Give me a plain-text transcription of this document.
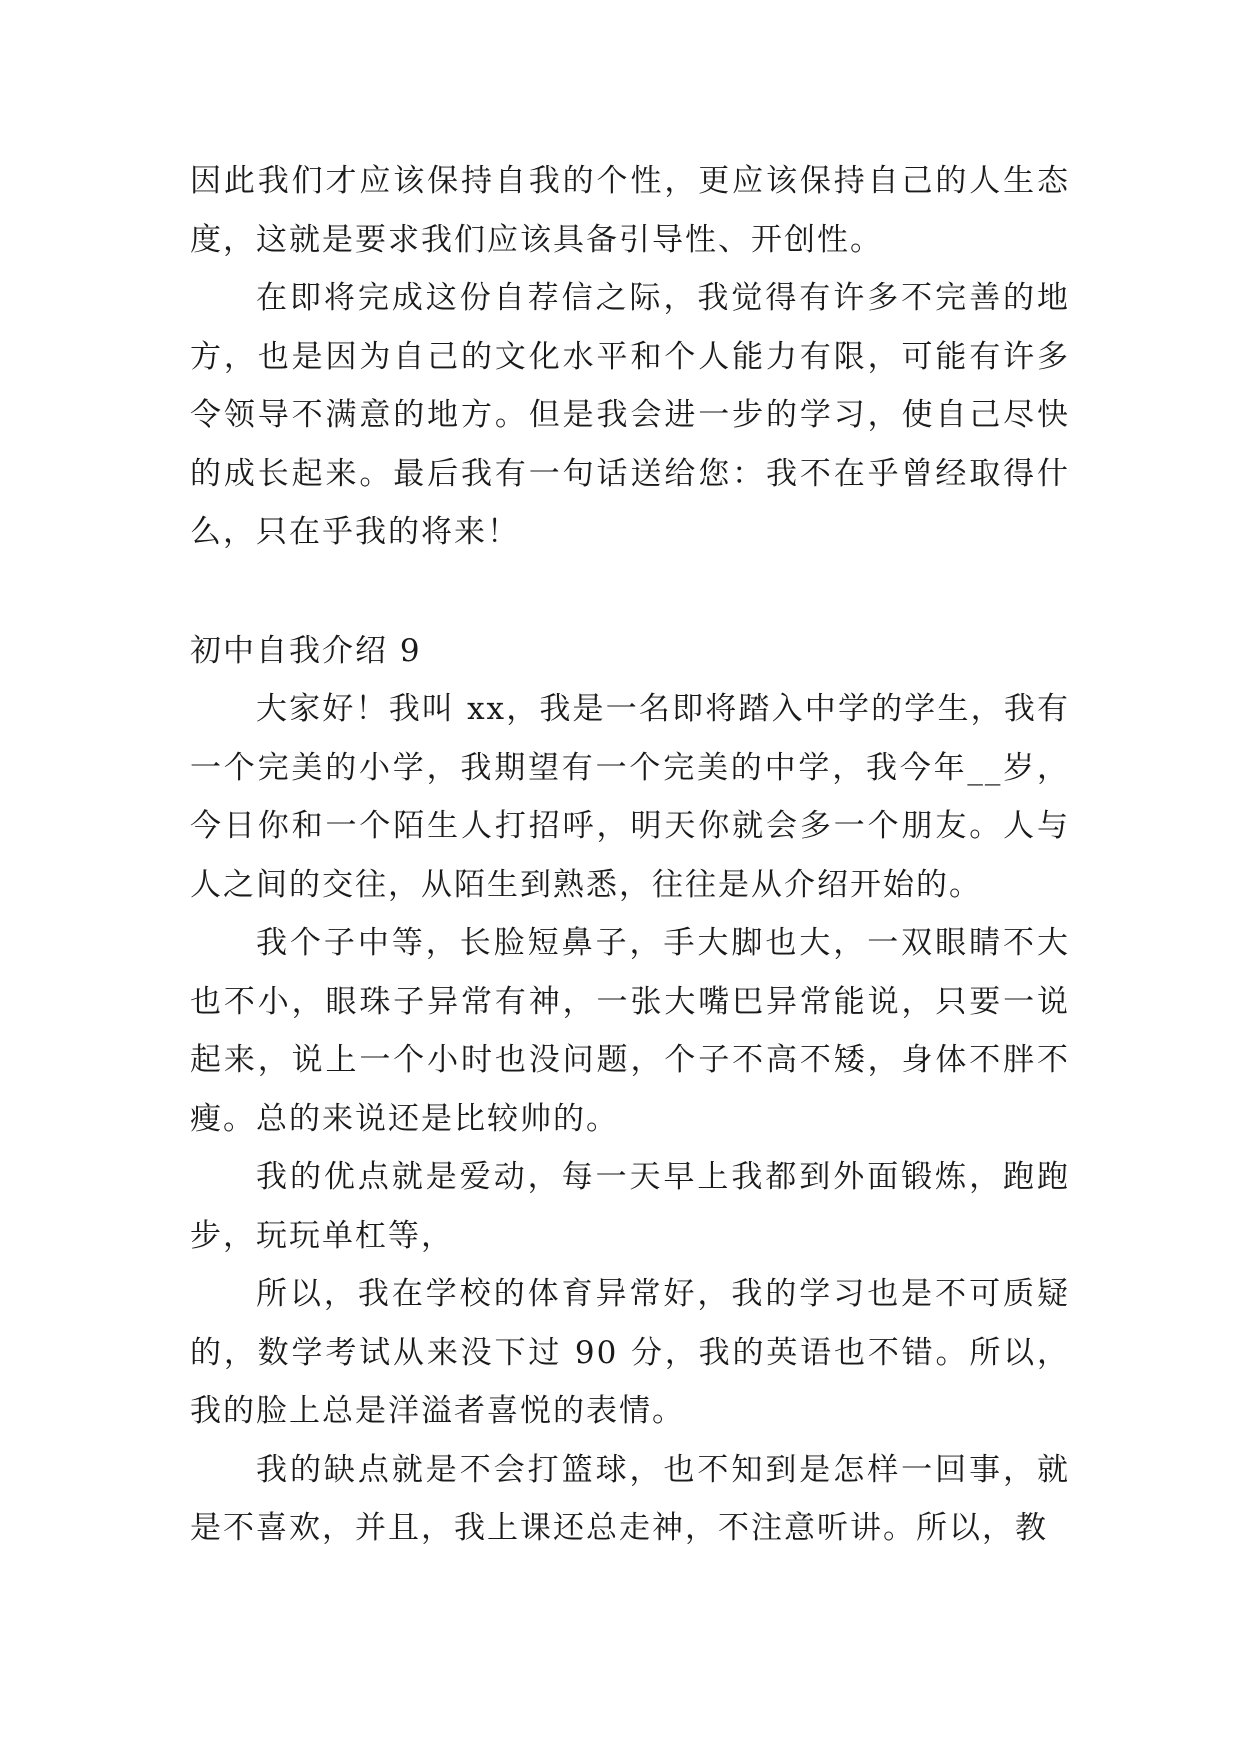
因此我们才应该保持自我的个性，更应该保持自己的人生态度，这就是要求我们应该具备引导性、开创性。

在即将完成这份自荐信之际，我觉得有许多不完善的地方，也是因为自己的文化水平和个人能力有限，可能有许多令领导不满意的地方。但是我会进一步的学习，使自己尽快的成长起来。最后我有一句话送给您：我不在乎曾经取得什么，只在乎我的将来！

初中自我介绍 9

大家好！我叫 xx，我是一名即将踏入中学的学生，我有一个完美的小学，我期望有一个完美的中学，我今年__岁，今日你和一个陌生人打招呼，明天你就会多一个朋友。人与人之间的交往，从陌生到熟悉，往往是从介绍开始的。

我个子中等，长脸短鼻子，手大脚也大，一双眼睛不大也不小，眼珠子异常有神，一张大嘴巴异常能说，只要一说起来，说上一个小时也没问题，个子不高不矮，身体不胖不瘦。总的来说还是比较帅的。

我的优点就是爱动，每一天早上我都到外面锻炼，跑跑步，玩玩单杠等，

所以，我在学校的体育异常好，我的学习也是不可质疑的，数学考试从来没下过 90 分，我的英语也不错。所以，我的脸上总是洋溢者喜悦的表情。

我的缺点就是不会打篮球，也不知到是怎样一回事，就是不喜欢，并且，我上课还总走神，不注意听讲。所以，教
